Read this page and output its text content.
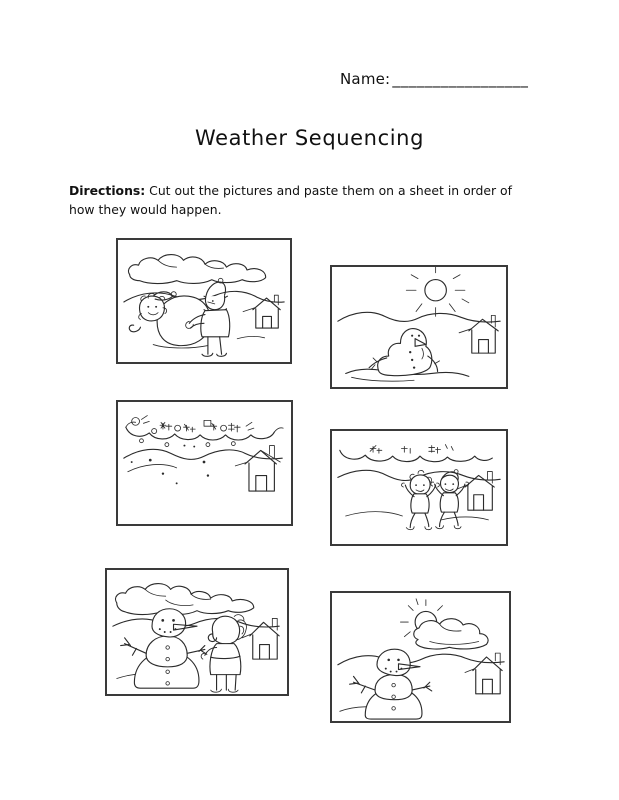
Name: _________________
Weather Sequencing
Directions: Cut out the pictures and paste them on a sheet in order of how they would happen.
